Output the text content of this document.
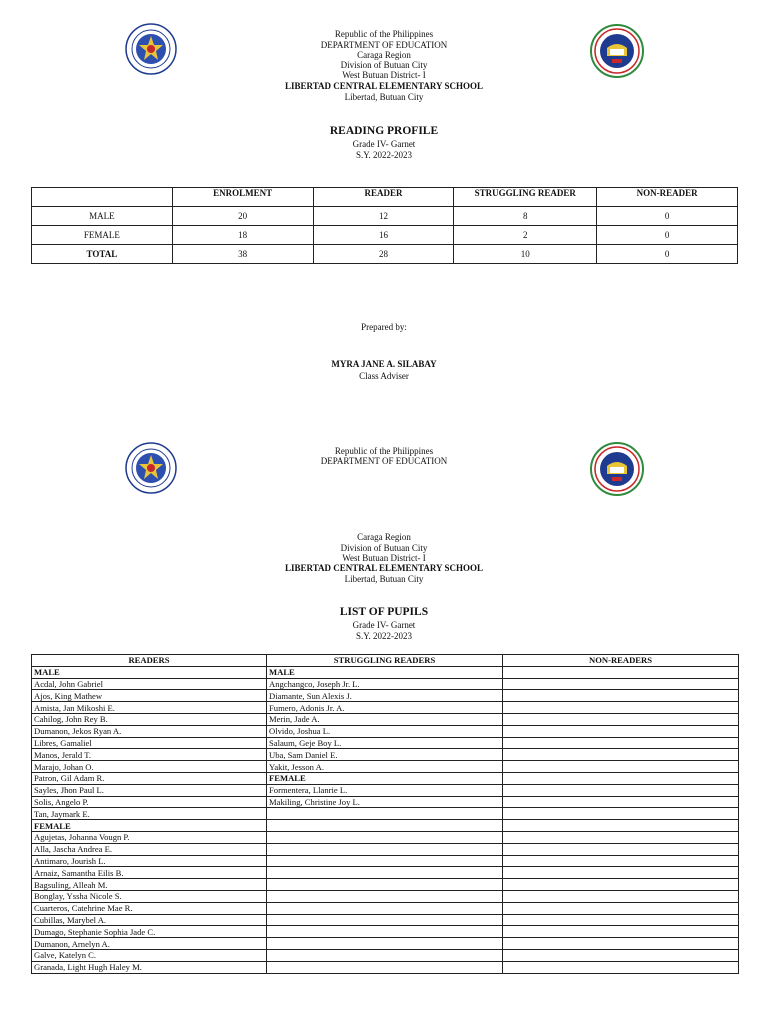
Republic of the Philippines
DEPARTMENT OF EDUCATION
Caraga Region
Division of Butuan City
West Butuan District- I
LIBERTAD CENTRAL ELEMENTARY SCHOOL
Libertad, Butuan City
READING PROFILE
Grade IV- Garnet
S.Y. 2022-2023
	ENROLMENT	READER	STRUGGLING READER	NON-READER
MALE	20	12	8	0
FEMALE	18	16	2	0
TOTAL	38	28	10	0
Prepared by:
MYRA JANE A. SILABAY
Class Adviser
Republic of the Philippines
DEPARTMENT OF EDUCATION
Caraga Region
Division of Butuan City
West Butuan District- I
LIBERTAD CENTRAL ELEMENTARY SCHOOL
Libertad, Butuan City
LIST OF PUPILS
Grade IV- Garnet
S.Y. 2022-2023
READERS	STRUGGLING READERS	NON-READERS
MALE	MALE	
Acdal, John Gabriel	Angchangco, Joseph Jr. L.	
Ajos, King Mathew	Diamante, Sun Alexis J.	
Amista, Jan Mikoshi E.	Fumero, Adonis Jr. A.	
Cahilog, John Rey B.	Merin, Jade A.	
Dumanon, Jekos Ryan A.	Olvido, Joshua L.	
Libres, Gamaliel	Salaum, Geje Boy L.	
Manos, Jerald T.	Uba, Sam Daniel E.	
Marajo, Johan O.	Yakit, Jesson A.	
Patron, Gil Adam R.	FEMALE	
Sayles, Jhon Paul L.	Formentera, Llanrie L.	
Solis, Angelo P.	Makiling, Christine Joy L.	
Tan, Jaymark E.		
FEMALE		
Agujetas, Johanna Vougn P.		
Alla, Jascha Andrea E.		
Antimaro, Jourish L.		
Arnaiz, Samantha Eilis B.		
Bagsuling, Alleah M.		
Bonglay, Yssha Nicole S.		
Cuarteros, Catehrine Mae R.		
Cubillas, Marybel A.		
Dumago, Stephanie Sophia Jade C.		
Dumanon, Arnelyn A.		
Galve, Katelyn C.		
Granada, Light Hugh Haley M.		
